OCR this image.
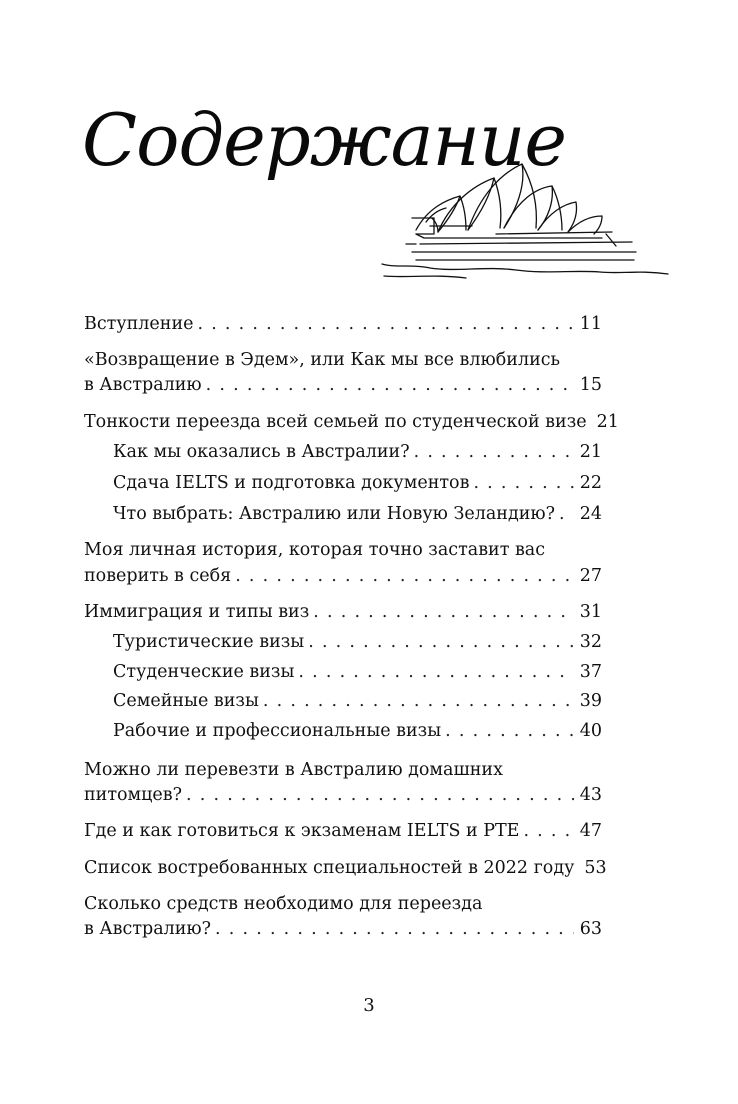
Содержание
Вступление . . .	11
«Возвращение в Эдем», или Как мы все влюбились
в Австралию . . .	15
Тонкости переезда всей семьей по студенческой визе 21
Как мы оказались в Австралии? . . .	21
Сдача IELTS и подготовка документов . . .	22
Что выбрать: Австралию или Новую Зеландию? . . . 24
Моя личная история, которая точно заставит вас
поверить в себя . . .	27
Иммиграция и типы виз . . .	31
Туристические визы . . .	32
Студенческие визы . . .	37
Семейные визы . . .	39
Рабочие и профессиональные визы . . .	40
Можно ли перевезти в Австралию домашних
питомцев? . . .	43
Где и как готовиться к экзаменам IELTS и PTE . . .	47
Список востребованных специальностей в 2022 году 53
Сколько средств необходимо для переезда
в Австралию? . . .	63
3
